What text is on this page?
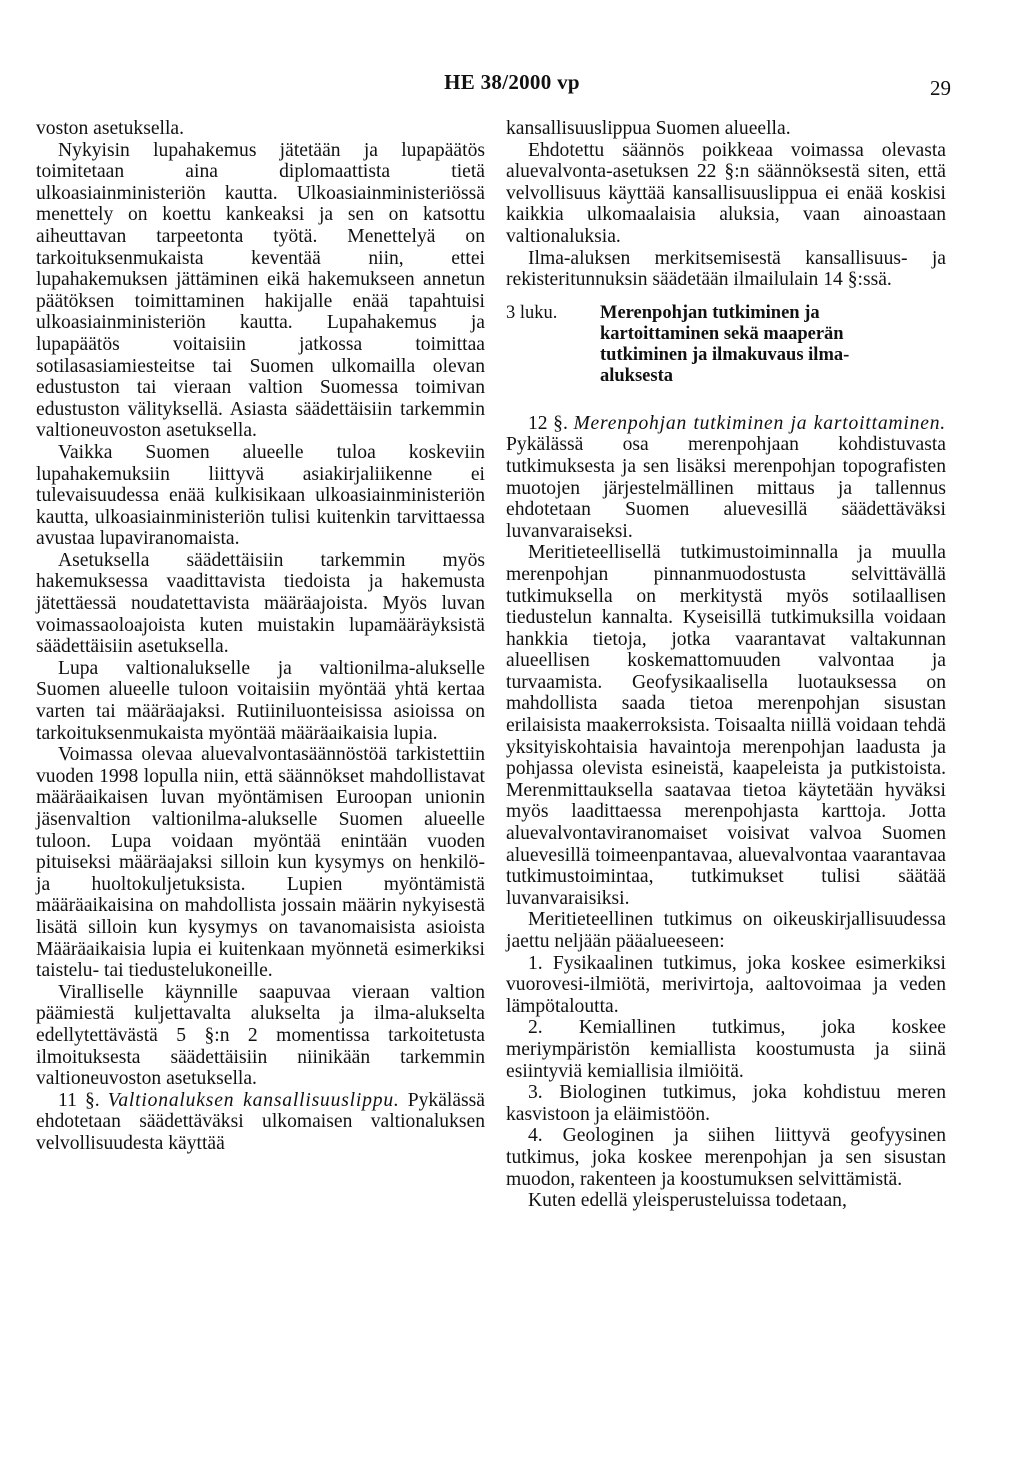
HE 38/2000 vp	29

voston asetuksella.

Nykyisin lupahakemus jätetään ja lupapäätös toimitetaan aina diplomaattista tietä ulkoasiainministeriön kautta. Ulkoasiainministeriössä menettely on koettu kankeaksi ja sen on katsottu aiheuttavan tarpeetonta työtä. Menettelyä on tarkoituksenmukaista keventää niin, ettei lupahakemuksen jättäminen eikä hakemukseen annetun päätöksen toimittaminen hakijalle enää tapahtuisi ulkoasiainministeriön kautta. Lupahakemus ja lupapäätös voitaisiin jatkossa toimittaa sotilasasiamiesteitse tai Suomen ulkomailla olevan edustuston tai vieraan valtion Suomessa toimivan edustuston välityksellä. Asiasta säädettäisiin tarkemmin valtioneuvoston asetuksella.

Vaikka Suomen alueelle tuloa koskeviin lupahakemuksiin liittyvä asiakirjaliikenne ei tulevaisuudessa enää kulkisikaan ulkoasiainministeriön kautta, ulkoasiainministeriön tulisi kuitenkin tarvittaessa avustaa lupaviranomaista.

Asetuksella säädettäisiin tarkemmin myös hakemuksessa vaadittavista tiedoista ja hakemusta jätettäessä noudatettavista määräajoista. Myös luvan voimassaoloajoista kuten muistakin lupamääräyksistä säädettäisiin asetuksella.

Lupa valtionalukselle ja valtionilma-alukselle Suomen alueelle tuloon voitaisiin myöntää yhtä kertaa varten tai määräajaksi. Rutiiniluonteisissa asioissa on tarkoituksenmukaista myöntää määräaikaisia lupia.

Voimassa olevaa aluevalvontasäännöstöä tarkistettiin vuoden 1998 lopulla niin, että säännökset mahdollistavat määräaikaisen luvan myöntämisen Euroopan unionin jäsenvaltion valtionilma-alukselle Suomen alueelle tuloon. Lupa voidaan myöntää enintään vuoden pituiseksi määräajaksi silloin kun kysymys on henkilö- ja huoltokuljetuksista. Lupien myöntämistä määräaikaisina on mahdollista jossain määrin nykyisestä lisätä silloin kun kysymys on tavanomaisista asioista Määräaikaisia lupia ei kuitenkaan myönnetä esimerkiksi taistelu- tai tiedustelukoneille.

Viralliselle käynnille saapuvaa vieraan valtion päämiestä kuljettavalta alukselta ja ilma-alukselta edellytettävästä 5 §:n 2 momentissa tarkoitetusta ilmoituksesta säädettäisiin niinikään tarkemmin valtioneuvoston asetuksella.

11 §. Valtionaluksen kansallisuuslippu. Pykälässä ehdotetaan säädettäväksi ulkomaisen valtionaluksen velvollisuudesta käyttää

kansallisuuslippua Suomen alueella.

Ehdotettu säännös poikkeaa voimassa olevasta aluevalvonta-asetuksen 22 §:n säännöksestä siten, että velvollisuus käyttää kansallisuuslippua ei enää koskisi kaikkia ulkomaalaisia aluksia, vaan ainoastaan valtionaluksia.

Ilma-aluksen merkitsemisestä kansallisuus- ja rekisteritunnuksin säädetään ilmailulain 14 §:ssä.

3 luku.	Merenpohjan tutkiminen ja kartoittaminen sekä maaperän tutkiminen ja ilmakuvaus ilma-aluksesta

12 §. Merenpohjan tutkiminen ja kartoittaminen. Pykälässä osa merenpohjaan kohdistuvasta tutkimuksesta ja sen lisäksi merenpohjan topografisten muotojen järjestelmällinen mittaus ja tallennus ehdotetaan Suomen aluevesillä säädettäväksi luvanvaraiseksi.

Meritieteellisellä tutkimustoiminnalla ja muulla merenpohjan pinnanmuodostusta selvittävällä tutkimuksella on merkitystä myös sotilaallisen tiedustelun kannalta. Kyseisillä tutkimuksilla voidaan hankkia tietoja, jotka vaarantavat valtakunnan alueellisen koskemattomuuden valvontaa ja turvaamista. Geofysikaalisella luotauksessa on mahdollista saada tietoa merenpohjan sisustan erilaisista maakerroksista. Toisaalta niillä voidaan tehdä yksityiskohtaisia havaintoja merenpohjan laadusta ja pohjassa olevista esineistä, kaapeleista ja putkistoista. Merenmittauksella saatavaa tietoa käytetään hyväksi myös laadittaessa merenpohjasta karttoja. Jotta aluevalvontaviranomaiset voisivat valvoa Suomen aluevesillä toimeenpantavaa, aluevalvontaa vaarantavaa tutkimustoimintaa, tutkimukset tulisi säätää luvanvaraisiksi.

Meritieteellinen tutkimus on oikeuskirjallisuudessa jaettu neljään pääalueeseen:

1. Fysikaalinen tutkimus, joka koskee esimerkiksi vuorovesi-ilmiötä, merivirtoja, aaltovoimaa ja veden lämpötaloutta.

2. Kemiallinen tutkimus, joka koskee meriympäristön kemiallista koostumusta ja siinä esiintyviä kemiallisia ilmiöitä.

3. Biologinen tutkimus, joka kohdistuu meren kasvistoon ja eläimistöön.

4. Geologinen ja siihen liittyvä geofyysinen tutkimus, joka koskee merenpohjan ja sen sisustan muodon, rakenteen ja koostumuksen selvittämistä.

Kuten edellä yleisperusteluissa todetaan,
